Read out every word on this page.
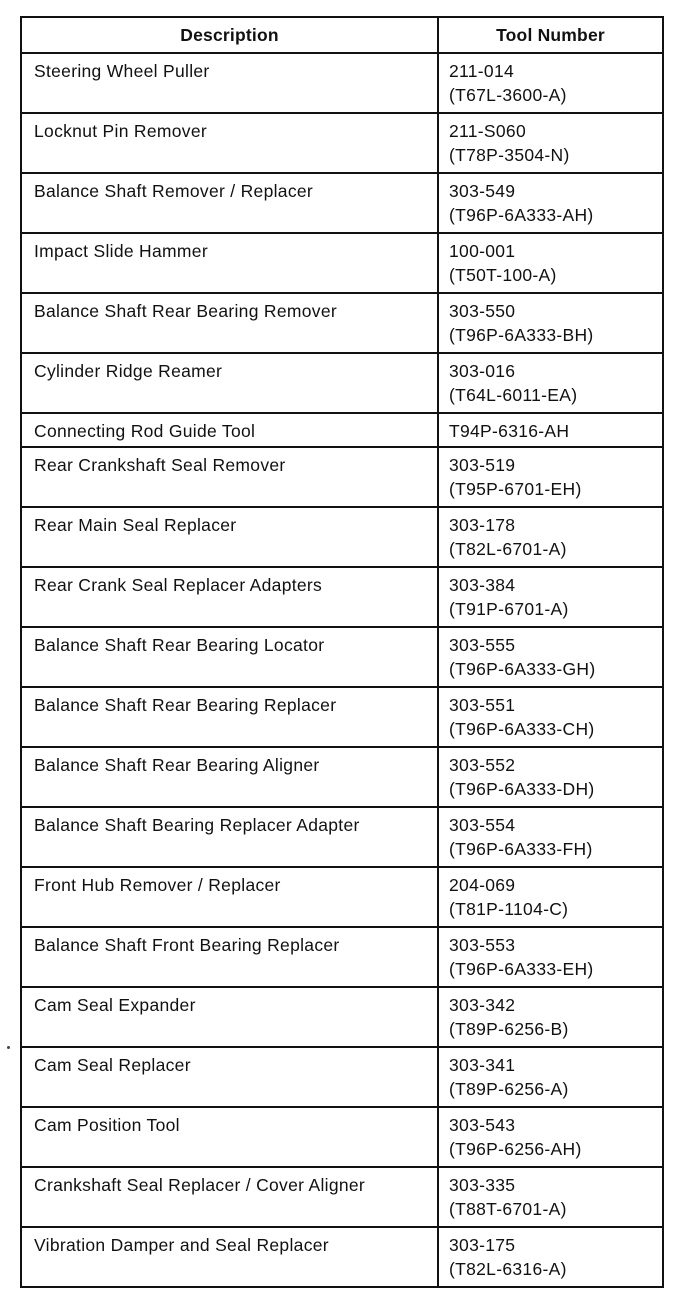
Description	Tool Number
Steering Wheel Puller	211-014
(T67L-3600-A)

Locknut Pin Remover	211-S060
(T78P-3504-N)

Balance Shaft Remover / Replacer	303-549
(T96P-6A333-AH)

Impact Slide Hammer	100-001
(T50T-100-A)

Balance Shaft Rear Bearing Remover	303-550
(T96P-6A333-BH)

Cylinder Ridge Reamer	303-016
(T64L-6011-EA)

Connecting Rod Guide Tool	T94P-6316-AH

Rear Crankshaft Seal Remover	303-519
(T95P-6701-EH)

Rear Main Seal Replacer	303-178
(T82L-6701-A)

Rear Crank Seal Replacer Adapters	303-384
(T91P-6701-A)

Balance Shaft Rear Bearing Locator	303-555
(T96P-6A333-GH)

Balance Shaft Rear Bearing Replacer	303-551
(T96P-6A333-CH)

Balance Shaft Rear Bearing Aligner	303-552
(T96P-6A333-DH)

Balance Shaft Bearing Replacer Adapter	303-554
(T96P-6A333-FH)

Front Hub Remover / Replacer	204-069
(T81P-1104-C)

Balance Shaft Front Bearing Replacer	303-553
(T96P-6A333-EH)

Cam Seal Expander	303-342
(T89P-6256-B)

Cam Seal Replacer	303-341
(T89P-6256-A)

Cam Position Tool	303-543
(T96P-6256-AH)

Crankshaft Seal Replacer / Cover Aligner	303-335
(T88T-6701-A)

Vibration Damper and Seal Replacer	303-175
(T82L-6316-A)
